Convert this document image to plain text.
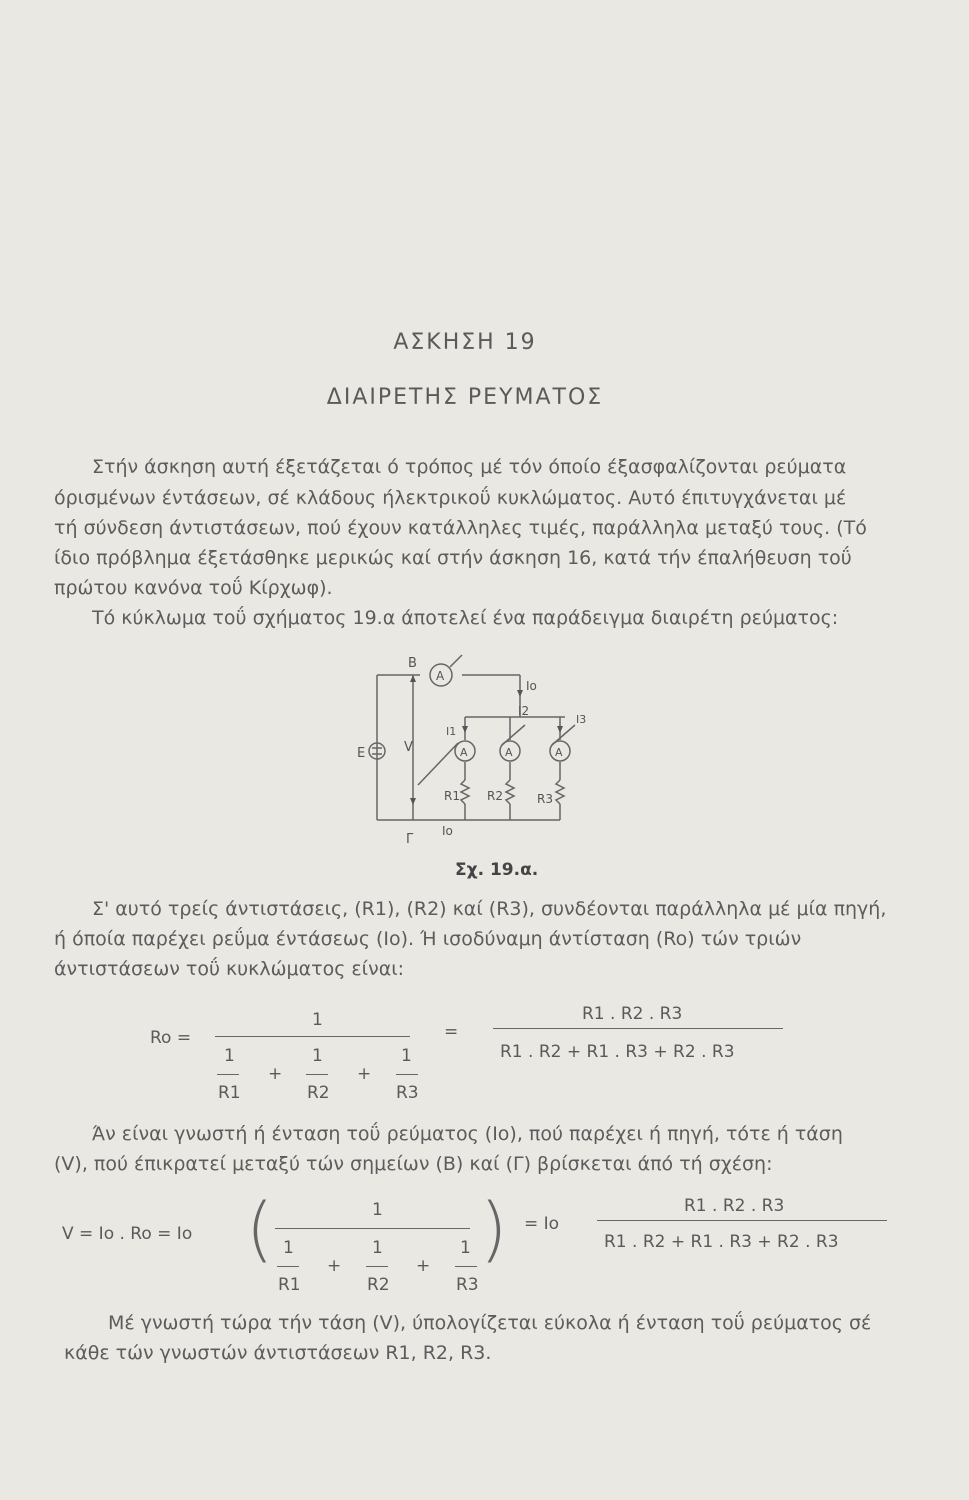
ΑΣΚΗΣΗ 19
ΔΙΑΙΡΕΤΗΣ ΡΕΥΜΑΤΟΣ
Στήν άσκηση αυτή έξετάζεται ό τρόπος μέ τόν όποίο έξασφαλίζονται ρεύματα
όρισμένων έντάσεων, σέ κλάδους ήλεκτρικοΰ κυκλώματος. Αυτό έπιτυγχάνεται μέ
τή σύνδεση άντιστάσεων, πού έχουν κατάλληλες τιμές, παράλληλα μεταξύ τους. (Τό
ίδιο πρόβλημα έξετάσθηκε μερικώς καί στήν άσκηση 16, κατά τήν έπαλήθευση τοΰ
πρώτου κανόνα τοΰ Κίρχωφ).
Τό κύκλωμα τοΰ σχήματος 19.α άποτελεί ένα παράδειγμα διαιρέτη ρεύματος:
Β
Γ
Ε	V
A
A	A	A
Io
Io
I1
I2
I3
R1 R2	R3
Σχ. 19.α.
Σ' αυτό τρείς άντιστάσεις, (R1), (R2) καί (R3), συνδέονται παράλληλα μέ μία πηγή,
ή όποία παρέχει ρεΰμα έντάσεως (Io). Ή ισοδύναμη άντίσταση (Ro) τών τριών
άντιστάσεων τοΰ κυκλώματος είναι:
Ro =
1
1	1	1
+	+
R1	R2	R3
=
R1 . R2 . R3
R1 . R2 + R1 . R3 + R2 . R3
Άν είναι γνωστή ή ένταση τοΰ ρεύματος (Io), πού παρέχει ή πηγή, τότε ή τάση
(V), πού έπικρατεί μεταξύ τών σημείων (Β) καί (Γ) βρίσκεται άπό τή σχέση:
V = Io . Ro = Io (	)
1
1	1	1
+	+
R1	R2	R3
= Io
R1 . R2 . R3
R1 . R2 + R1 . R3 + R2 . R3
Μέ γνωστή τώρα τήν τάση (V), ύπολογίζεται εύκολα ή ένταση τοΰ ρεύματος σέ
κάθε τών γνωστών άντιστάσεων R1, R2, R3.
